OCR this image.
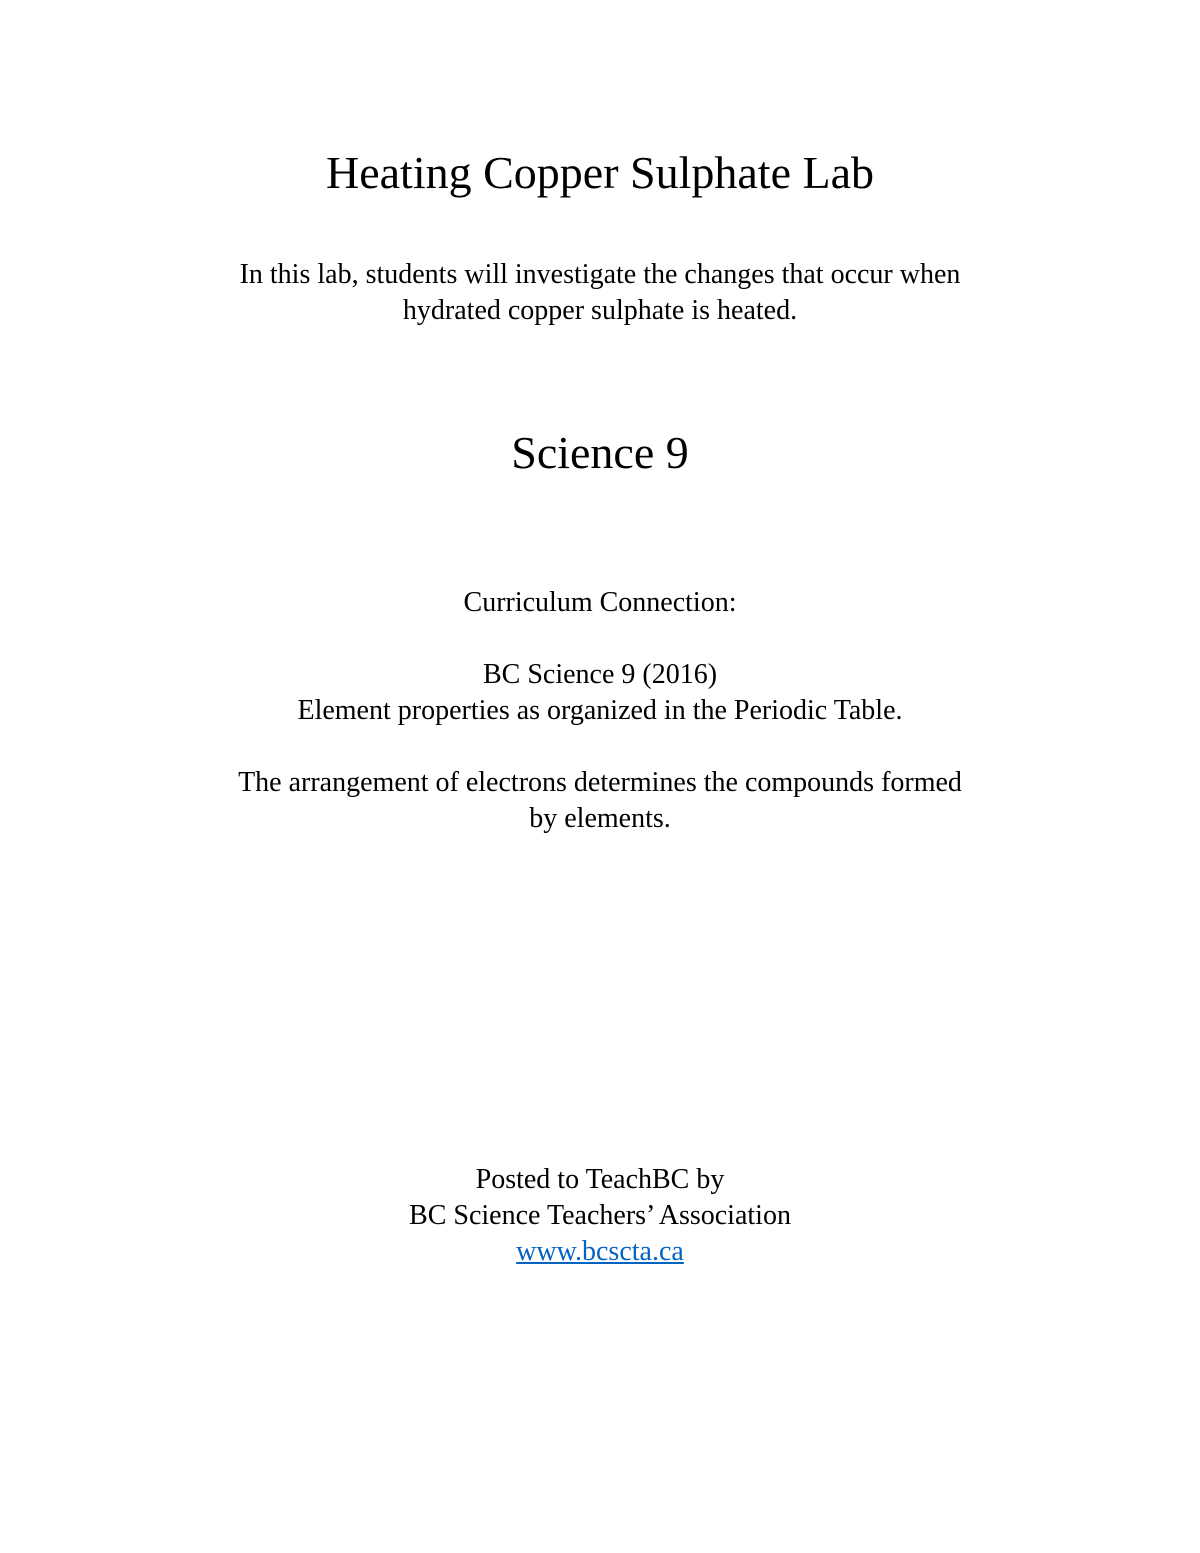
Heating Copper Sulphate Lab
In this lab, students will investigate the changes that occur when
hydrated copper sulphate is heated.
Science 9
Curriculum Connection:
BC Science 9 (2016)
Element properties as organized in the Periodic Table.
The arrangement of electrons determines the compounds formed
by elements.
Posted to TeachBC by
BC Science Teachers’ Association
www.bcscta.ca
